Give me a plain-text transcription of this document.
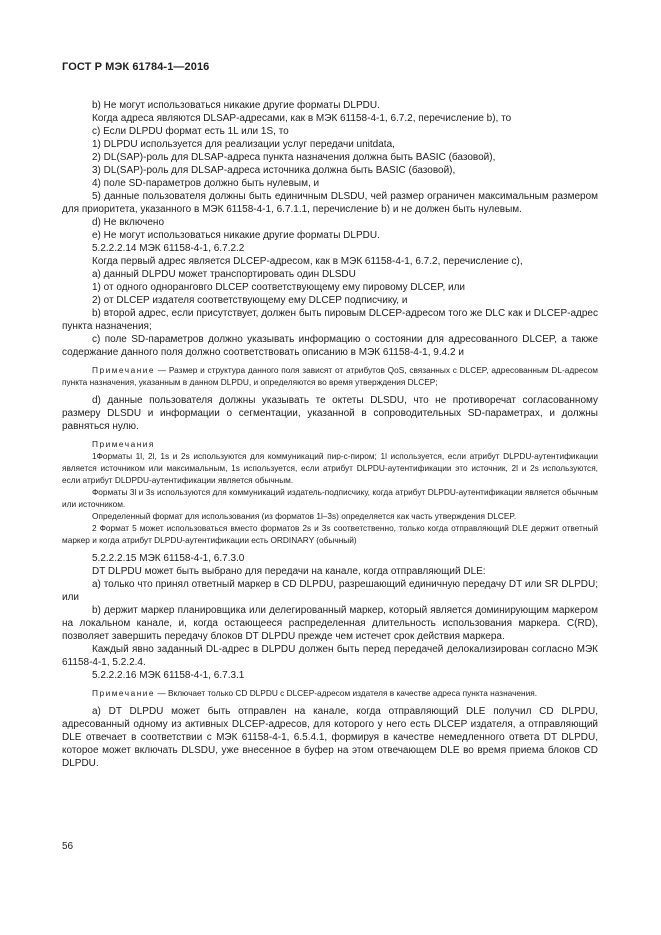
ГОСТ Р МЭК 61784-1—2016

b) Не могут использоваться никакие другие форматы DLPDU.

Когда адреса являются DLSAP-адресами, как в МЭК 61158-4-1, 6.7.2, перечисление b), то

c) Если DLPDU формат есть 1L или 1S, то

1) DLPDU используется для реализации услуг передачи unitdata,

2) DL(SAP)-роль для DLSAP-адреса пункта назначения должна быть BASIC (базовой),

3) DL(SAP)-роль для DLSAP-адреса источника должна быть BASIC (базовой),

4) поле SD-параметров должно быть нулевым, и

5) данные пользователя должны быть единичным DLSDU, чей размер ограничен максимальным размером для приоритета, указанного в МЭК 61158-4-1, 6.7.1.1, перечисление b) и не должен быть нулевым.

d) Не включено

e) Не могут использоваться никакие другие форматы DLPDU.

5.2.2.2.14 МЭК 61158-4-1, 6.7.2.2

Когда первый адрес является DLCEP-адресом, как в МЭК 61158-4-1, 6.7.2, перечисление c),

a) данный DLPDU может транспортировать один DLSDU

1) от одного одноранговго DLCEP соответствующему ему пировому DLCEP, или

2) от DLCEP издателя соответствующему ему DLCEP подписчику, и

b) второй адрес, если присутствует, должен быть пировым DLCEP-адресом того же DLC как и DLCEP-адрес пункта назначения;

c) поле SD-параметров должно указывать информацию о состоянии для адресованного DLCEP, а также содержание данного поля должно соответствовать описанию в МЭК 61158-4-1, 9.4.2 и

Примечание — Размер и структура данного поля зависят от атрибутов QoS, связанных с DLCEP, адресованным DL-адресом пункта назначения, указанным в данном DLPDU, и определяются во время утверждения DLCEP;

d) данные пользователя должны указывать те октеты DLSDU, что не противоречат согласованному размеру DLSDU и информации о сегментации, указанной в сопроводительных SD-параметрах, и должны равняться нулю.

Примечания

1Форматы 1l, 2l, 1s и 2s используются для коммуникаций пир-с-пиром; 1l используется, если атрибут DLPDU-аутентификации является источником или максимальным, 1s используется, если атрибут DLPDU-аутентификации это источник, 2l и 2s используются, если атрибут DLDPDU-аутентификации является обычным.

Форматы 3l и 3s используются для коммуникаций издатель-подписчику, когда атрибут DLPDU-аутентификации является обычным или источником.

Определенный формат для использования (из форматов 1l–3s) определяется как часть утверждения DLCEP.

2 Формат 5 может использоваться вместо форматов 2s и 3s соответственно, только когда отправляющий DLE держит ответный маркер и когда атрибут DLPDU-аутентификации есть ORDINARY (обычный)

5.2.2.2.15 МЭК 61158-4-1, 6.7.3.0

DT DLPDU может быть выбрано для передачи на канале, когда отправляющий DLE:

a) только что принял ответный маркер в CD DLPDU, разрешающий единичную передачу DT или SR DLPDU; или

b) держит маркер планировщика или делегированный маркер, который является доминирующим маркером на локальном канале, и, когда остающееся распределенная длительность использования маркера. C(RD), позволяет завершить передачу блоков DT DLPDU прежде чем истечет срок действия маркера.

Каждый явно заданный DL-адрес в DLPDU должен быть перед передачей делокализирован согласно МЭК 61158-4-1, 5.2.2.4.

5.2.2.2.16 МЭК 61158-4-1, 6.7.3.1

Примечание — Включает только CD DLPDU с DLCEP-адресом издателя в качестве адреса пункта назначения.

a) DT DLPDU может быть отправлен на канале, когда отправляющий DLE получил CD DLPDU, адресованный одному из активных DLCEP-адресов, для которого у него есть DLCEP издателя, а отправляющий DLE отвечает в соответствии с МЭК 61158-4-1, 6.5.4.1, формируя в качестве немедленного ответа DT DLPDU, которое может включать DLSDU, уже внесенное в буфер на этом отвечающем DLE во время приема блоков CD DLPDU.

56
